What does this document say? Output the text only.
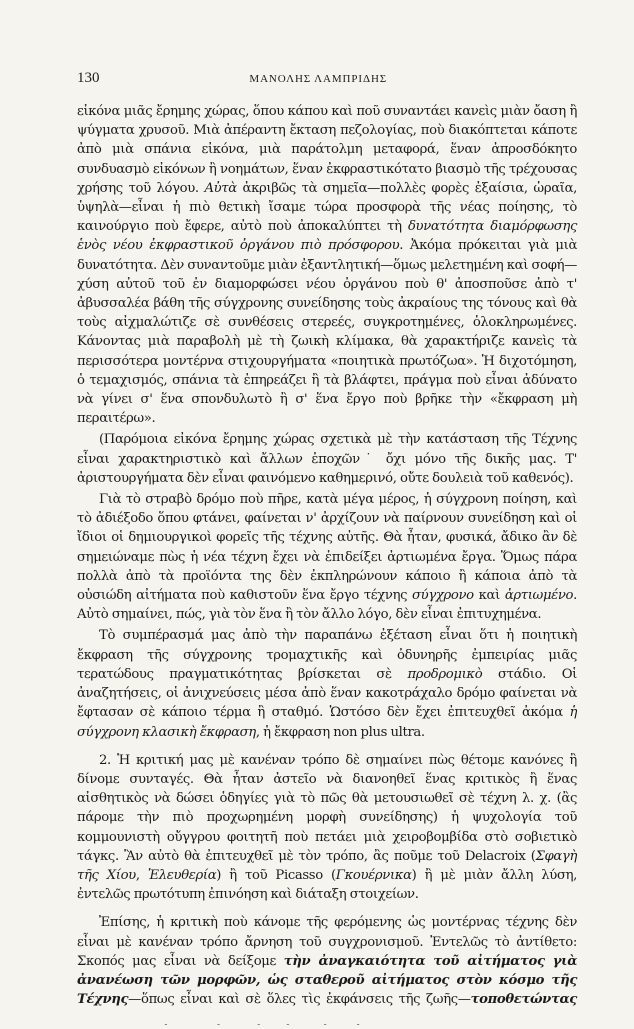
130	ΜΑΝΟΛΗΣ ΛΑΜΠΡΙΔΗΣ

εἰκόνα μιᾶς ἔρημης χώρας, ὅπου κάπου καὶ ποῦ συναντάει κανεὶς μιὰν ὄαση ἢ ψύγματα χρυσοῦ. Μιὰ ἀπέραντη ἔκταση πεζολογίας, ποὺ διακόπτεται κάποτε ἀπὸ μιὰ σπάνια εἰκόνα, μιὰ παράτολμη μεταφορά, ἕναν ἀπροσδόκητο συνδυασμὸ εἰκόνων ἢ νοημάτων, ἕναν ἐκφραστικότατο βιασμὸ τῆς τρέχουσας χρήσης τοῦ λόγου. Αὐτὰ ἀκριβῶς τὰ σημεῖα—πολλὲς φορὲς ἐξαίσια, ὡραῖα, ὑψηλὰ—εἶναι ἡ πιὸ θετικὴ ἴσαμε τώρα προσφορὰ τῆς νέας ποίησης, τὸ καινούργιο ποὺ ἔφερε, αὐτὸ ποὺ ἀποκαλύπτει τὴ δυνατότητα διαμόρφωσης ἑνὸς νέου ἐκφραστικοῦ ὀργάνου πιὸ πρόσφορου. Ἀκόμα πρόκειται γιὰ μιὰ δυνατότητα. Δὲν συναντοῦμε μιὰν ἐξαντλητική—ὅμως μελετημένη καὶ σοφή—χύση αὐτοῦ τοῦ ἐν διαμορφώσει νέου ὀργάνου ποὺ θ' ἀποσποῦσε ἀπὸ τ' ἀβυσσαλέα βάθη τῆς σύγχρονης συνείδησης τοὺς ἀκραίους της τόνους καὶ θὰ τοὺς αἰχμαλώτιζε σὲ συνθέσεις στερεές, συγκροτημένες, ὁλοκληρωμένες. Κάνοντας μιὰ παραβολὴ μὲ τὴ ζωικὴ κλίμακα, θὰ χαρακτήριζε κανεὶς τὰ περισσότερα μοντέρνα στιχουργήματα «ποιητικὰ πρωτόζωα». Ἡ διχοτόμηση, ὁ τεμαχισμός, σπάνια τὰ ἐπηρεάζει ἢ τὰ βλάφτει, πράγμα ποὺ εἶναι ἀδύνατο νὰ γίνει σ' ἕνα σπονδυλωτὸ ἢ σ' ἕνα ἔργο ποὺ βρῆκε τὴν «ἔκφραση μὴ περαιτέρω».

(Παρόμοια εἰκόνα ἔρημης χώρας σχετικὰ μὲ τὴν κατάσταση τῆς Τέχνης εἶναι χαρακτηριστικὸ καὶ ἄλλων ἐποχῶν˙ ὄχι μόνο τῆς δικῆς μας. Τ' ἀριστουργήματα δὲν εἶναι φαινόμενο καθημερινό, οὔτε δουλειὰ τοῦ καθενός).

Γιὰ τὸ στραβὸ δρόμο ποὺ πῆρε, κατὰ μέγα μέρος, ἡ σύγχρονη ποίηση, καὶ τὸ ἀδιέξοδο ὅπου φτάνει, φαίνεται ν' ἀρχίζουν νὰ παίρνουν συνείδηση καὶ οἱ ἴδιοι οἱ δημιουργικοὶ φορεῖς τῆς τέχνης αὐτῆς. Θὰ ἦταν, φυσικά, ἄδικο ἂν δὲ σημειώναμε πὼς ἡ νέα τέχνη ἔχει νὰ ἐπιδείξει ἀρτιωμένα ἔργα. Ὅμως πάρα πολλὰ ἀπὸ τὰ προϊόντα της δὲν ἐκπληρώνουν κάποιο ἢ κάποια ἀπὸ τὰ οὐσιώδη αἰτήματα ποὺ καθιστοῦν ἕνα ἔργο τέχνης σύγχρονο καὶ ἀρτιωμένο. Αὐτὸ σημαίνει, πώς, γιὰ τὸν ἕνα ἢ τὸν ἄλλο λόγο, δὲν εἶναι ἐπιτυχημένα.

Τὸ συμπέρασμά μας ἀπὸ τὴν παραπάνω ἐξέταση εἶναι ὅτι ἡ ποιητικὴ ἔκφραση τῆς σύγχρονης τρομαχτικῆς καὶ ὀδυνηρῆς ἐμπειρίας μιᾶς τερατώδους πραγματικότητας βρίσκεται σὲ προδρομικὸ στάδιο. Οἱ ἀναζητήσεις, οἱ ἀνιχνεύσεις μέσα ἀπὸ ἕναν κακοτράχαλο δρόμο φαίνεται νὰ ἔφτασαν σὲ κάποιο τέρμα ἢ σταθμό. Ὡστόσο δὲν ἔχει ἐπιτευχθεῖ ἀκόμα ἡ σύγχρονη κλασικὴ ἔκφραση, ἡ ἔκφραση non plus ultra.

2. Ἡ κριτική μας μὲ κανέναν τρόπο δὲ σημαίνει πὼς θέτομε κανόνες ἢ δίνομε συνταγές. Θὰ ἦταν ἀστεῖο νὰ διανοηθεῖ ἕνας κριτικὸς ἢ ἕνας αἰσθητικὸς νὰ δώσει ὁδηγίες γιὰ τὸ πῶς θὰ μετουσιωθεῖ σὲ τέχνη λ. χ. (ἂς πάρομε τὴν πιὸ προχωρημένη μορφὴ συνείδησης) ἡ ψυχολογία τοῦ κομμουνιστὴ οὔγγρου φοιτητῆ ποὺ πετάει μιὰ χειροβομβίδα στὸ σοβιετικὸ τάγκς. Ἂν αὐτὸ θὰ ἐπιτευχθεῖ μὲ τὸν τρόπο, ἂς ποῦμε τοῦ Delacroix (Σφαγὴ τῆς Χίου, Ἐλευθερία) ἢ τοῦ Picasso (Γκουέρνικα) ἢ μὲ μιὰν ἄλλη λύση, ἐντελῶς πρωτότυπη ἐπινόηση καὶ διάταξη στοιχείων.

Ἐπίσης, ἡ κριτικὴ ποὺ κάνομε τῆς φερόμενης ὡς μοντέρνας τέχνης δὲν εἶναι μὲ κανέναν τρόπο ἄρνηση τοῦ συγχρονισμοῦ. Ἐντελῶς τὸ ἀντίθετο: Σκοπός μας εἶναι νὰ δείξομε τὴν ἀναγκαιότητα τοῦ αἰτήματος γιὰ ἀνανέωση τῶν μορφῶν, ὡς σταθεροῦ αἰτήματος στὸν κόσμο τῆς Τέχνης—ὅπως εἶναι καὶ σὲ ὅλες τὶς ἐκφάνσεις τῆς ζωῆς—τοποθετώντας
